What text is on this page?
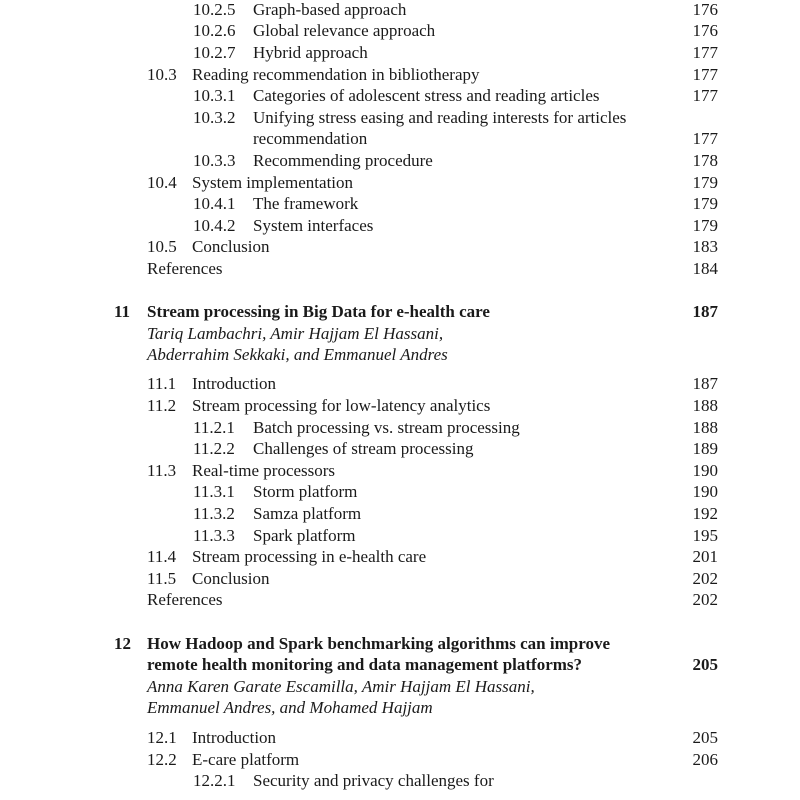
10.2.5 Graph-based approach	176
10.2.6 Global relevance approach	176
10.2.7 Hybrid approach	177
10.3 Reading recommendation in bibliotherapy	177
10.3.1 Categories of adolescent stress and reading articles	177
10.3.2 Unifying stress easing and reading interests for articles
recommendation	177
10.3.3 Recommending procedure	178
10.4 System implementation	179
10.4.1 The framework	179
10.4.2 System interfaces	179
10.5 Conclusion	183
References	184
11 Stream processing in Big Data for e-health care	187
Tariq Lambachri, Amir Hajjam El Hassani,
Abderrahim Sekkaki, and Emmanuel Andres
11.1 Introduction	187
11.2 Stream processing for low-latency analytics	188
11.2.1 Batch processing vs. stream processing	188
11.2.2 Challenges of stream processing	189
11.3 Real-time processors	190
11.3.1 Storm platform	190
11.3.2 Samza platform	192
11.3.3 Spark platform	195
11.4 Stream processing in e-health care	201
11.5 Conclusion	202
References	202
12 How Hadoop and Spark benchmarking algorithms can improve
remote health monitoring and data management platforms?	205
Anna Karen Garate Escamilla, Amir Hajjam El Hassani,
Emmanuel Andres, and Mohamed Hajjam
12.1 Introduction	205
12.2 E-care platform	206
12.2.1 Security and privacy challenges for
